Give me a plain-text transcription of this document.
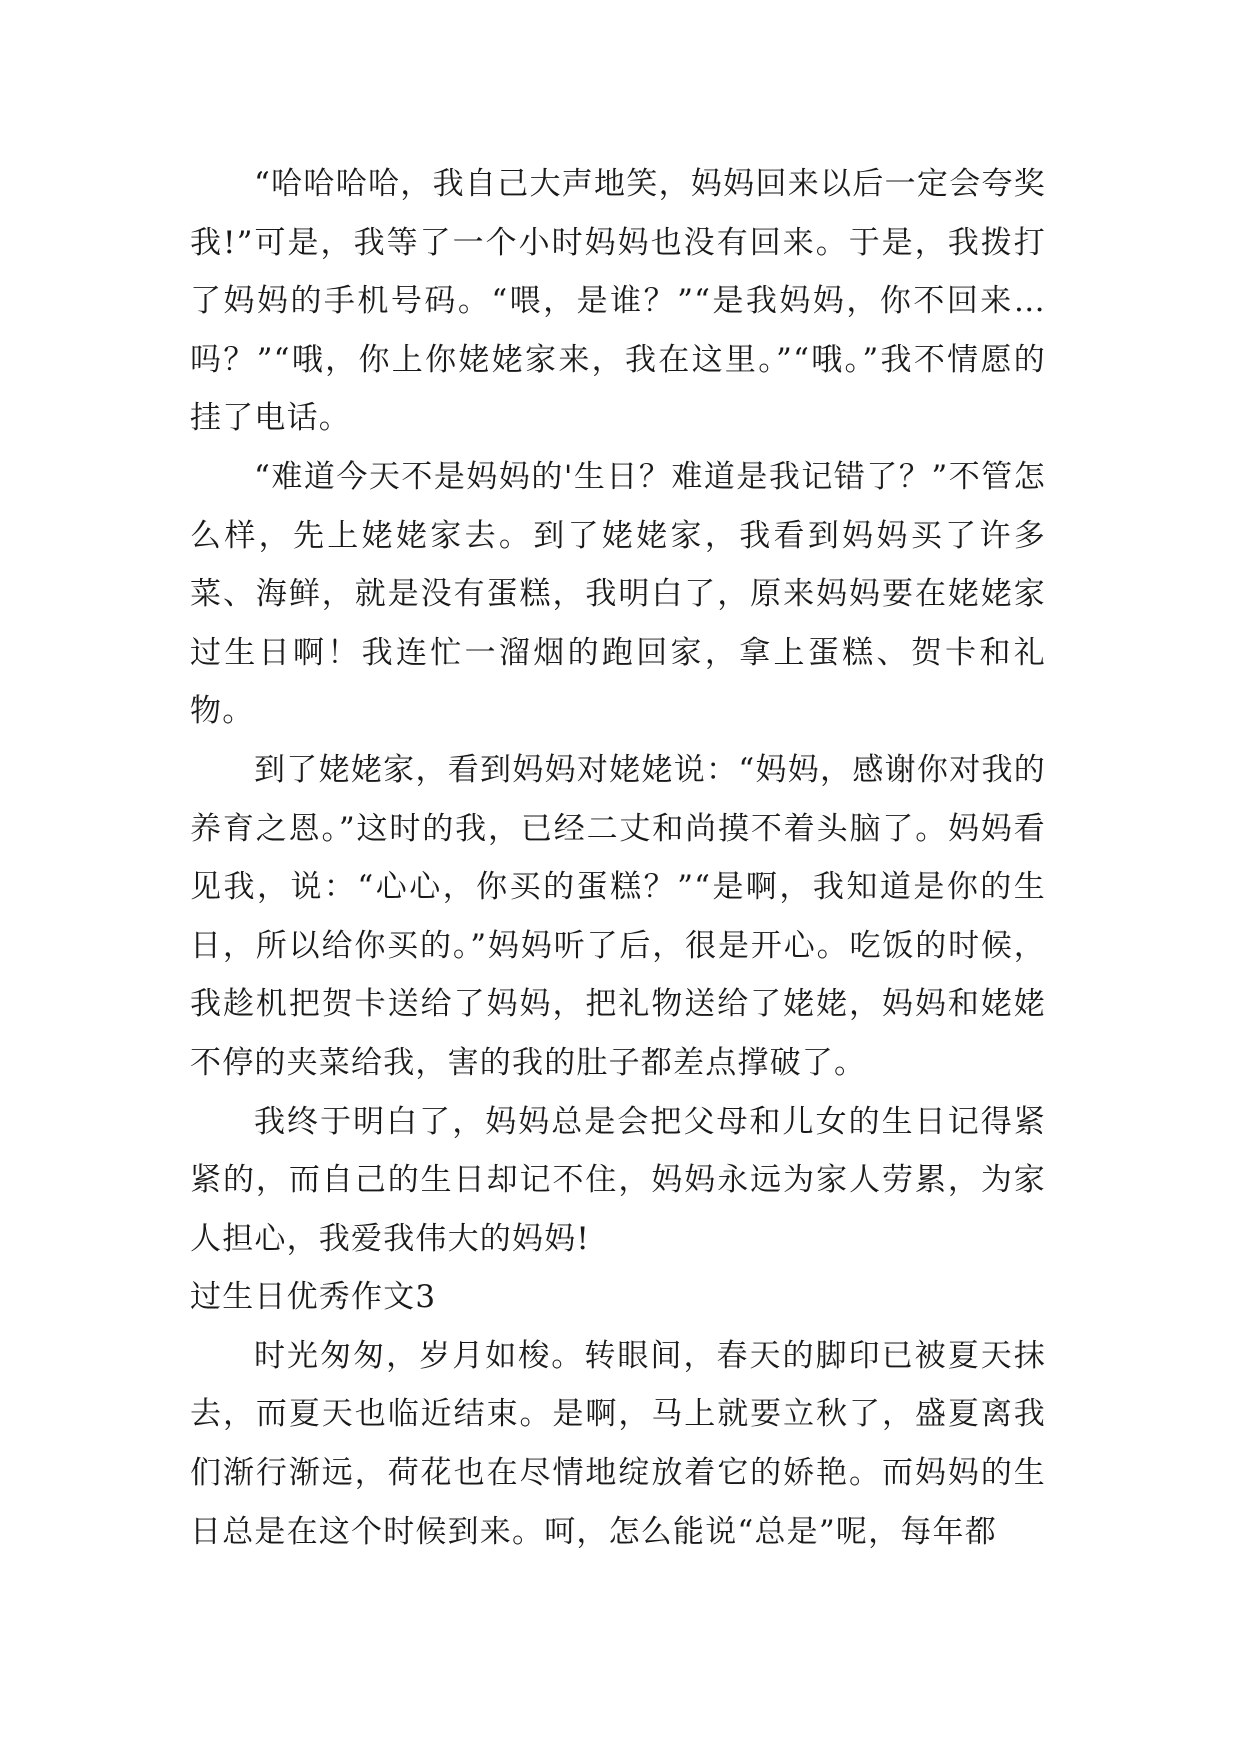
“哈哈哈哈，我自己大声地笑，妈妈回来以后一定会夸奖我!”可是，我等了一个小时妈妈也没有回来。于是，我拨打了妈妈的手机号码。“喂，是谁？”“是我妈妈，你不回来…吗？”“哦，你上你姥姥家来，我在这里。”“哦。”我不情愿的挂了电话。

“难道今天不是妈妈的'生日？难道是我记错了？”不管怎么样，先上姥姥家去。到了姥姥家，我看到妈妈买了许多菜、海鲜，就是没有蛋糕，我明白了，原来妈妈要在姥姥家过生日啊！我连忙一溜烟的跑回家，拿上蛋糕、贺卡和礼物。

到了姥姥家，看到妈妈对姥姥说：“妈妈，感谢你对我的养育之恩。”这时的我，已经二丈和尚摸不着头脑了。妈妈看见我，说：“心心，你买的蛋糕？”“是啊，我知道是你的生日，所以给你买的。”妈妈听了后，很是开心。吃饭的时候，我趁机把贺卡送给了妈妈，把礼物送给了姥姥，妈妈和姥姥不停的夹菜给我，害的我的肚子都差点撑破了。

我终于明白了，妈妈总是会把父母和儿女的生日记得紧紧的，而自己的生日却记不住，妈妈永远为家人劳累，为家人担心，我爱我伟大的妈妈!

过生日优秀作文3

时光匆匆，岁月如梭。转眼间，春天的脚印已被夏天抹去，而夏天也临近结束。是啊，马上就要立秋了，盛夏离我们渐行渐远，荷花也在尽情地绽放着它的娇艳。而妈妈的生日总是在这个时候到来。呵，怎么能说“总是”呢，每年都
